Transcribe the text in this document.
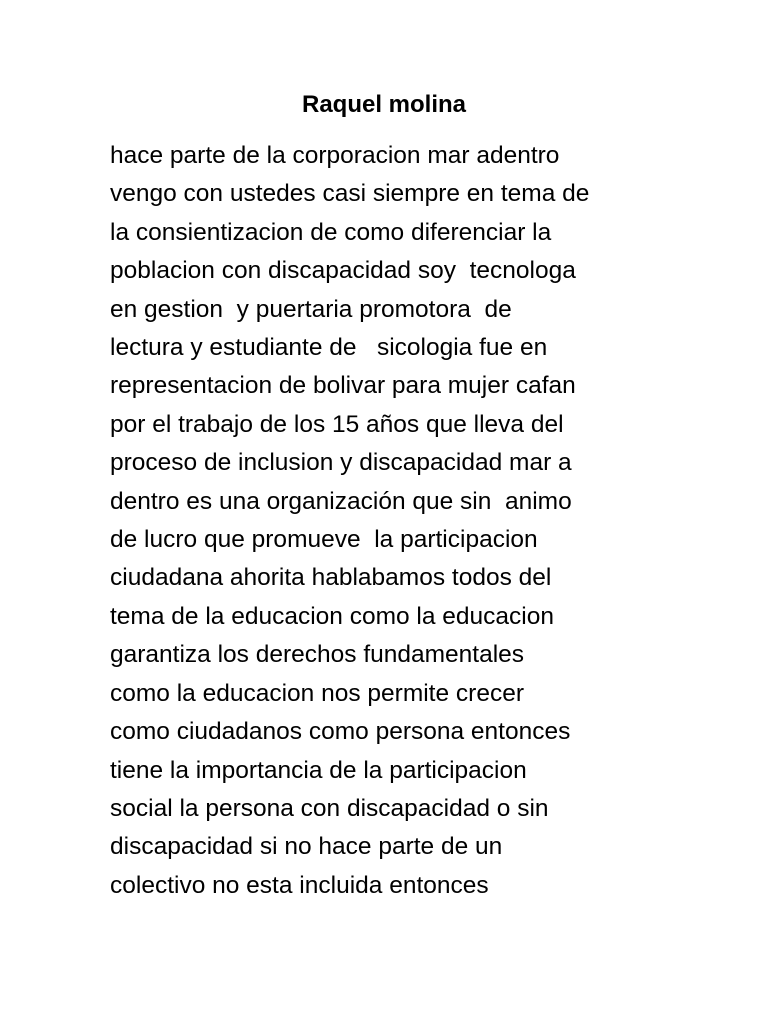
Raquel molina
hace parte de la corporacion mar adentro
vengo con ustedes casi siempre en tema de
la consientizacion de como diferenciar la
poblacion con discapacidad soy  tecnologa
en gestion  y puertaria promotora  de
lectura y estudiante de   sicologia fue en
representacion de bolivar para mujer cafan
por el trabajo de los 15 años que lleva del
proceso de inclusion y discapacidad mar a
dentro es una organización que sin  animo
de lucro que promueve  la participacion
ciudadana ahorita hablabamos todos del
tema de la educacion como la educacion
garantiza los derechos fundamentales
como la educacion nos permite crecer
como ciudadanos como persona entonces
tiene la importancia de la participacion
social la persona con discapacidad o sin
discapacidad si no hace parte de un
colectivo no esta incluida entonces
